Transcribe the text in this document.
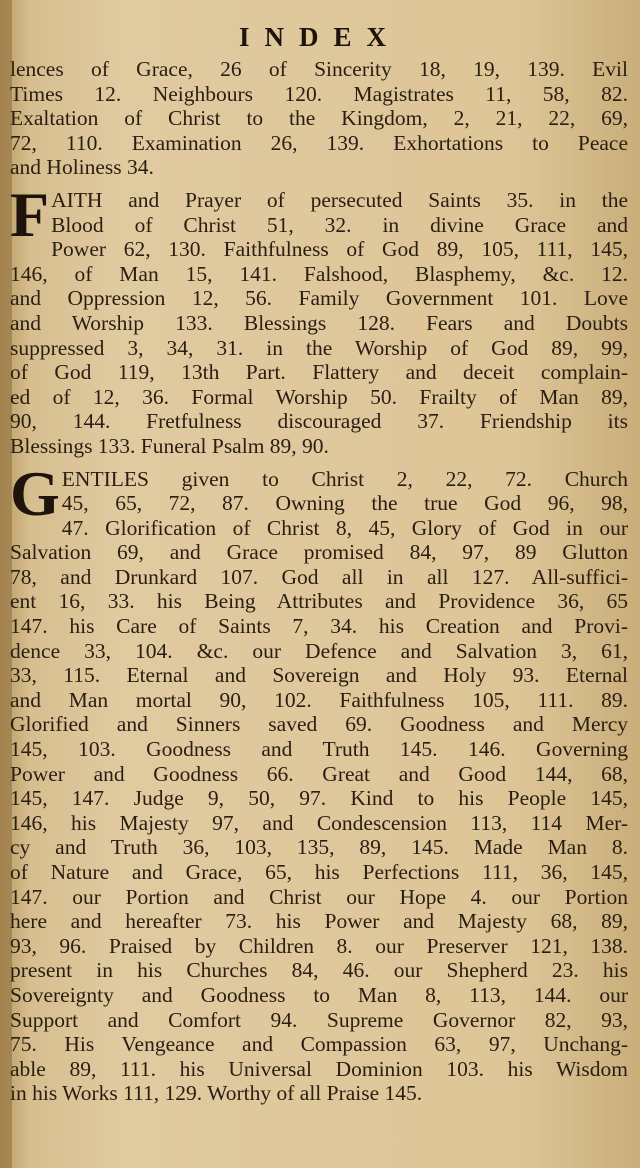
INDEX
lences of Grace, 26 of Sincerity 18, 19, 139. Evil
Times 12. Neighbours 120. Magistrates 11, 58, 82.
Exaltation of Christ to the Kingdom, 2, 21, 22, 69,
72, 110. Examination 26, 139. Exhortations to Peace
and Holiness 34.
F AITH and Prayer of persecuted Saints 35. in the
Blood of Christ 51, 32. in divine Grace and
Power 62, 130. Faithfulness of God 89, 105, 111, 145,
146, of Man 15, 141. Falshood, Blasphemy, &c. 12.
and Oppression 12, 56. Family Government 101. Love
and Worship 133. Blessings 128. Fears and Doubts
suppressed 3, 34, 31. in the Worship of God 89, 99,
of God 119, 13th Part. Flattery and deceit complain-
ed of 12, 36. Formal Worship 50. Frailty of Man 89,
90, 144. Fretfulness discouraged 37. Friendship its
Blessings 133. Funeral Psalm 89, 90.
G ENTILES given to Christ 2, 22, 72. Church
45, 65, 72, 87. Owning the true God 96, 98,
47. Glorification of Christ 8, 45, Glory of God in our
Salvation 69, and Grace promised 84, 97, 89 Glutton
78, and Drunkard 107. God all in all 127. All-suffici-
ent 16, 33. his Being Attributes and Providence 36, 65
147. his Care of Saints 7, 34. his Creation and Provi-
dence 33, 104. &c. our Defence and Salvation 3, 61,
33, 115. Eternal and Sovereign and Holy 93. Eternal
and Man mortal 90, 102. Faithfulness 105, 111. 89.
Glorified and Sinners saved 69. Goodness and Mercy
145, 103. Goodness and Truth 145. 146. Governing
Power and Goodness 66. Great and Good 144, 68,
145, 147. Judge 9, 50, 97. Kind to his People 145,
146, his Majesty 97, and Condescension 113, 114 Mer-
cy and Truth 36, 103, 135, 89, 145. Made Man 8.
of Nature and Grace, 65, his Perfections 111, 36, 145,
147. our Portion and Christ our Hope 4. our Portion
here and hereafter 73. his Power and Majesty 68, 89,
93, 96. Praised by Children 8. our Preserver 121, 138.
present in his Churches 84, 46. our Shepherd 23. his
Sovereignty and Goodness to Man 8, 113, 144. our
Support and Comfort 94. Supreme Governor 82, 93,
75. His Vengeance and Compassion 63, 97, Unchang-
able 89, 111. his Universal Dominion 103. his Wisdom
in his Works 111, 129. Worthy of all Praise 145.
